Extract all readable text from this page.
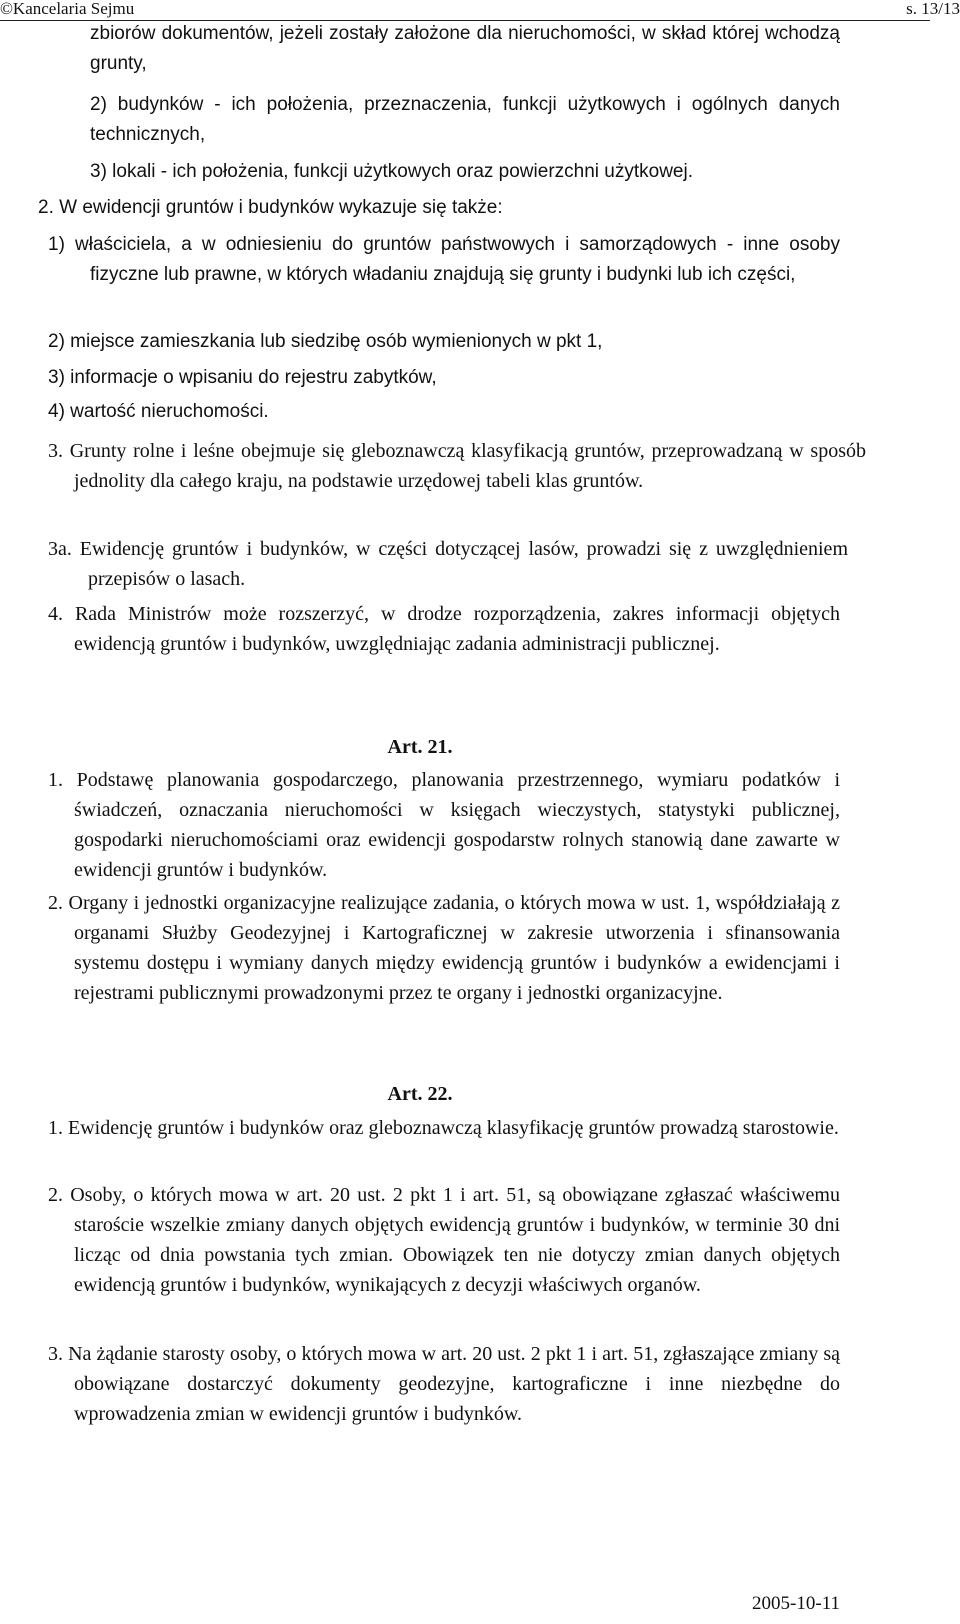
©Kancelaria Sejmu	s. 13/13

zbiorów dokumentów, jeżeli zostały założone dla nieruchomości, w skład której wchodzą grunty,

2) budynków - ich położenia, przeznaczenia, funkcji użytkowych i ogólnych danych technicznych,

3) lokali - ich położenia, funkcji użytkowych oraz powierzchni użytkowej.

2. W ewidencji gruntów i budynków wykazuje się także:

1) właściciela, a w odniesieniu do gruntów państwowych i samorządowych - inne osoby fizyczne lub prawne, w których władaniu znajdują się grunty i budynki lub ich części,

2) miejsce zamieszkania lub siedzibę osób wymienionych w pkt 1,

3) informacje o wpisaniu do rejestru zabytków,

4) wartość nieruchomości.

3. Grunty rolne i leśne obejmuje się gleboznawczą klasyfikacją gruntów, przeprowadzaną w sposób jednolity dla całego kraju, na podstawie urzędowej tabeli klas gruntów.

3a. Ewidencję gruntów i budynków, w części dotyczącej lasów, prowadzi się z uwzględnieniem przepisów o lasach.

4. Rada Ministrów może rozszerzyć, w drodze rozporządzenia, zakres informacji objętych ewidencją gruntów i budynków, uwzględniając zadania administracji publicznej.

Art. 21.

1. Podstawę planowania gospodarczego, planowania przestrzennego, wymiaru podatków i świadczeń, oznaczania nieruchomości w księgach wieczystych, statystyki publicznej, gospodarki nieruchomościami oraz ewidencji gospodarstw rolnych stanowią dane zawarte w ewidencji gruntów i budynków.

2. Organy i jednostki organizacyjne realizujące zadania, o których mowa w ust. 1, współdziałają z organami Służby Geodezyjnej i Kartograficznej w zakresie utworzenia i sfinansowania systemu dostępu i wymiany danych między ewidencją gruntów i budynków a ewidencjami i rejestrami publicznymi prowadzonymi przez te organy i jednostki organizacyjne.

Art. 22.

1. Ewidencję gruntów i budynków oraz gleboznawczą klasyfikację gruntów prowadzą starostowie.

2. Osoby, o których mowa w art. 20 ust. 2 pkt 1 i art. 51, są obowiązane zgłaszać właściwemu staroście wszelkie zmiany danych objętych ewidencją gruntów i budynków, w terminie 30 dni licząc od dnia powstania tych zmian. Obowiązek ten nie dotyczy zmian danych objętych ewidencją gruntów i budynków, wynikających z decyzji właściwych organów.

3. Na żądanie starosty osoby, o których mowa w art. 20 ust. 2 pkt 1 i art. 51, zgłaszające zmiany są obowiązane dostarczyć dokumenty geodezyjne, kartograficzne i inne niezbędne do wprowadzenia zmian w ewidencji gruntów i budynków.

2005-10-11
